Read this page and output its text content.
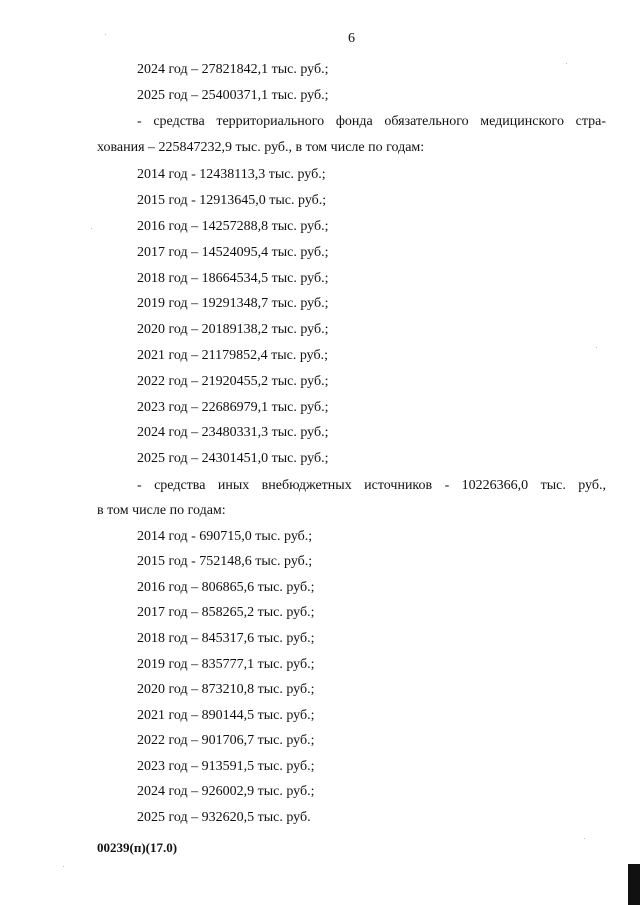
6
2024 год – 27821842,1 тыс. руб.;
2025 год – 25400371,1 тыс. руб.;
- средства территориального фонда обязательного медицинского стра-
хования – 225847232,9 тыс. руб., в том числе по годам:
2014 год - 12438113,3 тыс. руб.;
2015 год - 12913645,0 тыс. руб.;
2016 год – 14257288,8 тыс. руб.;
2017 год – 14524095,4 тыс. руб.;
2018 год – 18664534,5 тыс. руб.;
2019 год – 19291348,7 тыс. руб.;
2020 год – 20189138,2 тыс. руб.;
2021 год – 21179852,4 тыс. руб.;
2022 год – 21920455,2 тыс. руб.;
2023 год – 22686979,1 тыс. руб.;
2024 год – 23480331,3 тыс. руб.;
2025 год – 24301451,0 тыс. руб.;
- средства иных внебюджетных источников - 10226366,0 тыс. руб.,
в том числе по годам:
2014 год - 690715,0 тыс. руб.;
2015 год - 752148,6 тыс. руб.;
2016 год – 806865,6 тыс. руб.;
2017 год – 858265,2 тыс. руб.;
2018 год – 845317,6 тыс. руб.;
2019 год – 835777,1 тыс. руб.;
2020 год – 873210,8 тыс. руб.;
2021 год – 890144,5 тыс. руб.;
2022 год – 901706,7 тыс. руб.;
2023 год – 913591,5 тыс. руб.;
2024 год – 926002,9 тыс. руб.;
2025 год – 932620,5 тыс. руб.
00239(п)(17.0)
